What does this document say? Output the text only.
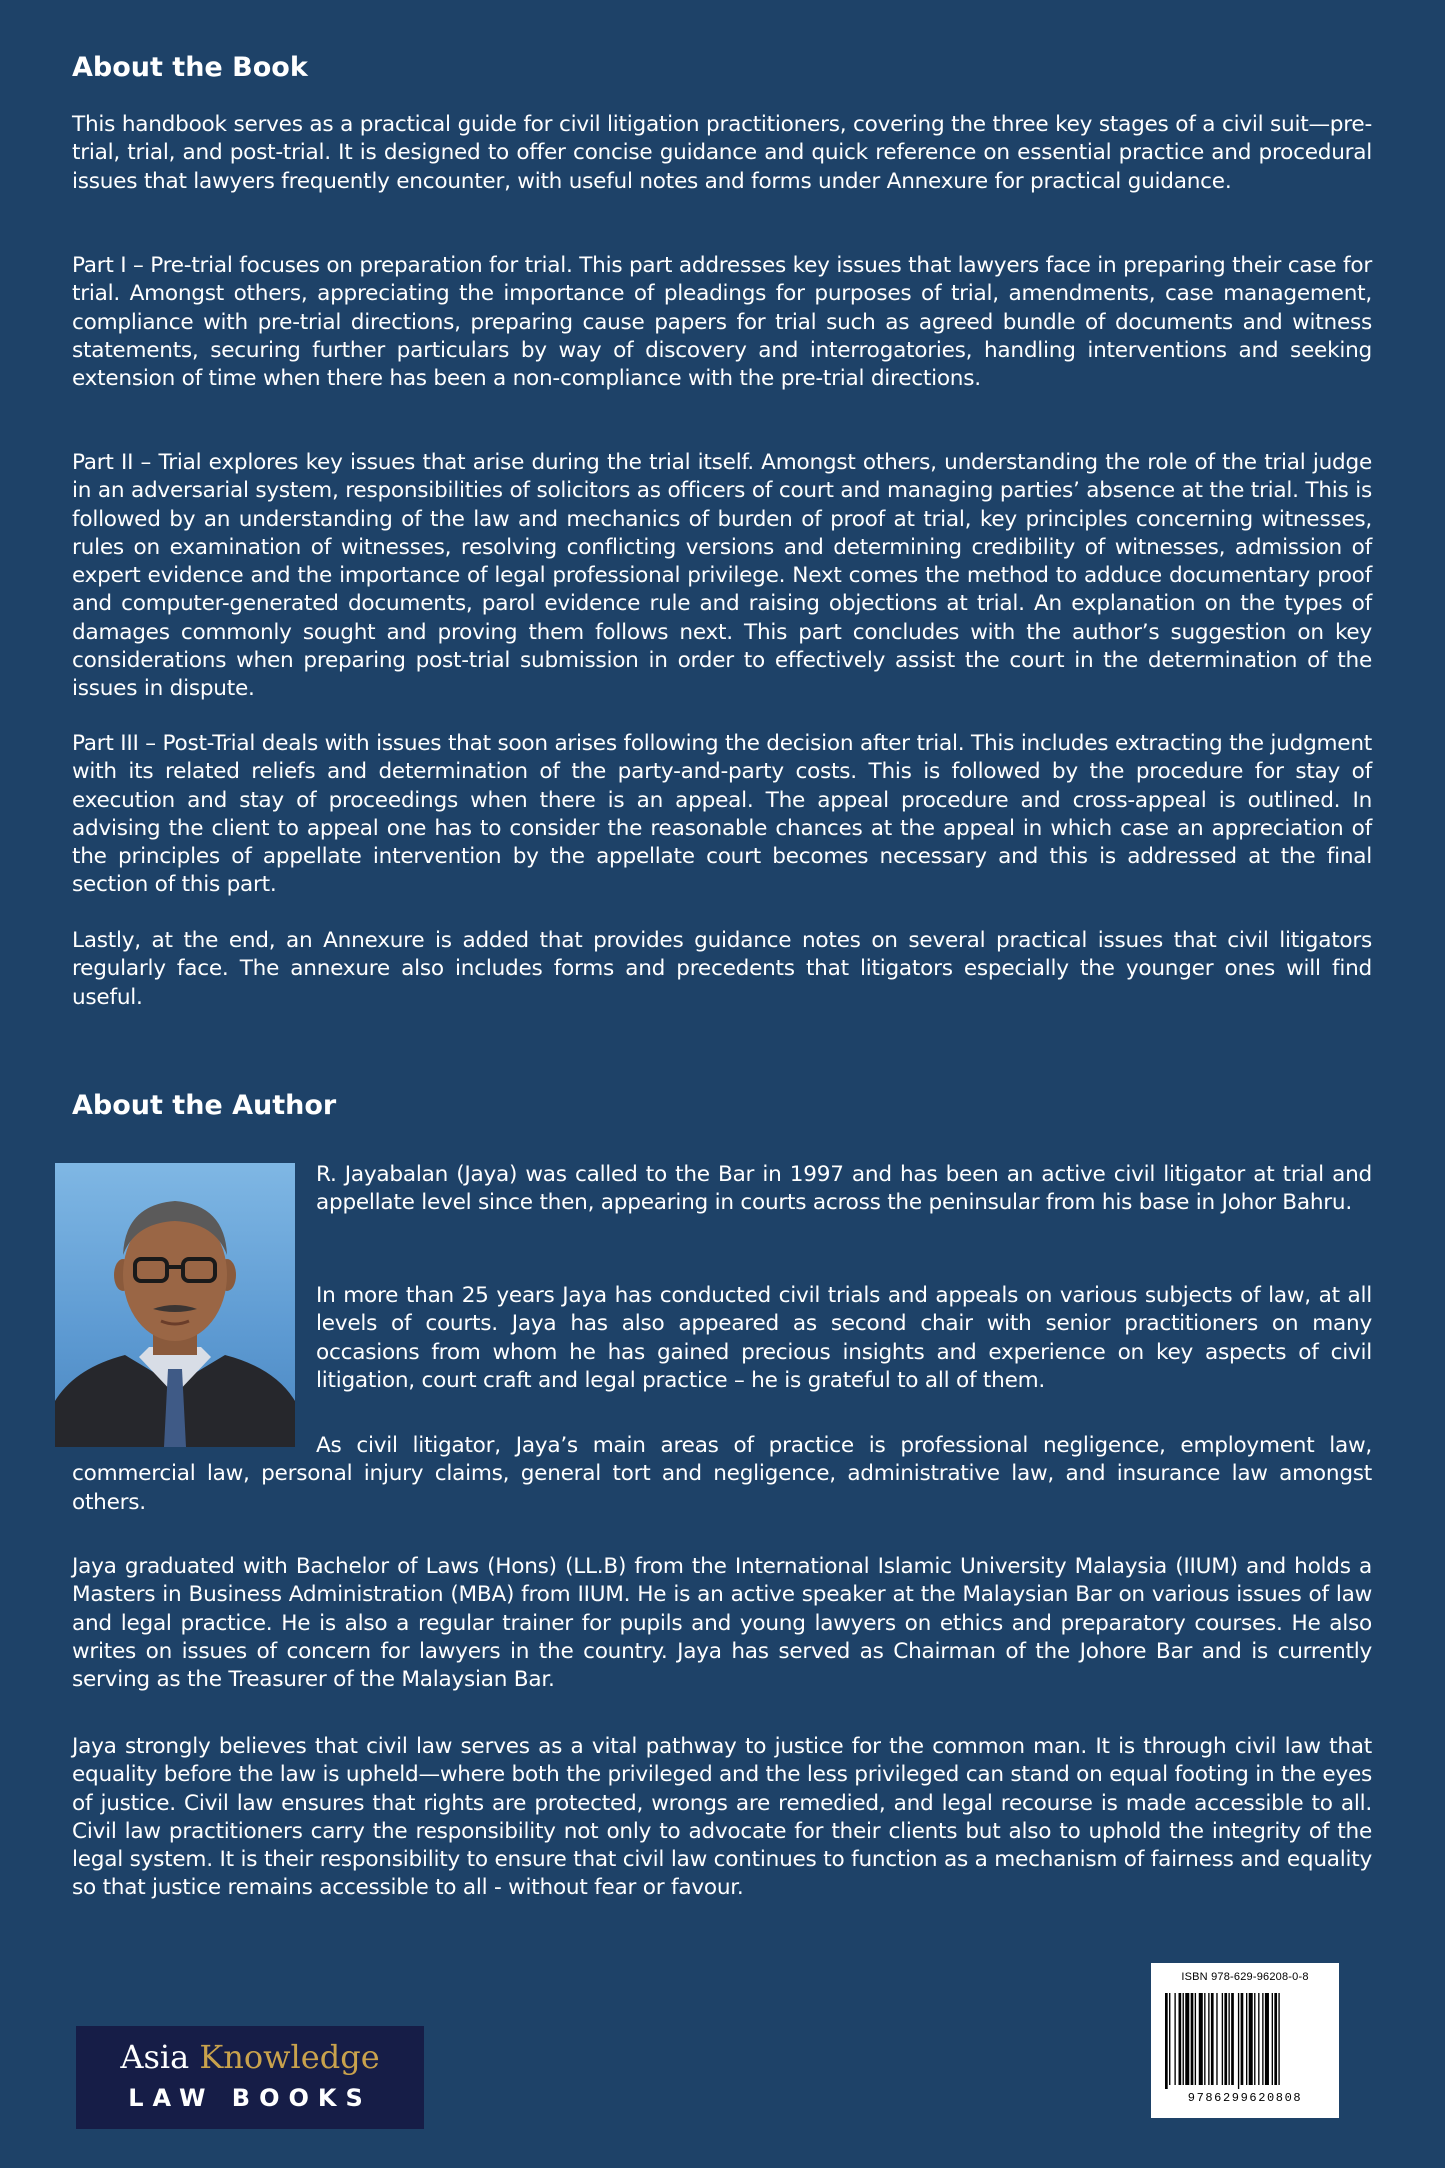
About the Book

This handbook serves as a practical guide for civil litigation practitioners, covering the three key stages of a civil suit—pre-trial, trial, and post-trial. It is designed to offer concise guidance and quick reference on essential practice and procedural issues that lawyers frequently encounter, with useful notes and forms under Annexure for practical guidance.

Part I – Pre-trial focuses on preparation for trial. This part addresses key issues that lawyers face in preparing their case for trial. Amongst others, appreciating the importance of pleadings for purposes of trial, amendments, case management, compliance with pre-trial directions, preparing cause papers for trial such as agreed bundle of documents and witness statements, securing further particulars by way of discovery and interrogatories, handling interventions and seeking extension of time when there has been a non-compliance with the pre-trial directions.

Part II – Trial explores key issues that arise during the trial itself. Amongst others, understanding the role of the trial judge in an adversarial system, responsibilities of solicitors as officers of court and managing parties’ absence at the trial. This is followed by an understanding of the law and mechanics of burden of proof at trial, key principles concerning witnesses, rules on examination of witnesses, resolving conflicting versions and determining credibility of witnesses, admission of expert evidence and the importance of legal professional privilege. Next comes the method to adduce documentary proof and computer-generated documents, parol evidence rule and raising objections at trial. An explanation on the types of damages commonly sought and proving them follows next. This part concludes with the author’s suggestion on key considerations when preparing post-trial submission in order to effectively assist the court in the determination of the issues in dispute.

Part III – Post-Trial deals with issues that soon arises following the decision after trial. This includes extracting the judgment with its related reliefs and determination of the party-and-party costs. This is followed by the procedure for stay of execution and stay of proceedings when there is an appeal. The appeal procedure and cross-appeal is outlined. In advising the client to appeal one has to consider the reasonable chances at the appeal in which case an appreciation of the principles of appellate intervention by the appellate court becomes necessary and this is addressed at the final section of this part.

Lastly, at the end, an Annexure is added that provides guidance notes on several practical issues that civil litigators regularly face. The annexure also includes forms and precedents that litigators especially the younger ones will find useful.

About the Author

R. Jayabalan (Jaya) was called to the Bar in 1997 and has been an active civil litigator at trial and appellate level since then, appearing in courts across the peninsular from his base in Johor Bahru.

In more than 25 years Jaya has conducted civil trials and appeals on various subjects of law, at all levels of courts. Jaya has also appeared as second chair with senior practitioners on many occasions from whom he has gained precious insights and experience on key aspects of civil litigation, court craft and legal practice – he is grateful to all of them.

As civil litigator, Jaya’s main areas of practice is professional negligence, employment law, commercial law, personal injury claims, general tort and negligence, administrative law, and insurance law amongst others.

Jaya graduated with Bachelor of Laws (Hons) (LL.B) from the International Islamic University Malaysia (IIUM) and holds a Masters in Business Administration (MBA) from IIUM. He is an active speaker at the Malaysian Bar on various issues of law and legal practice. He is also a regular trainer for pupils and young lawyers on ethics and preparatory courses. He also writes on issues of concern for lawyers in the country. Jaya has served as Chairman of the Johore Bar and is currently serving as the Treasurer of the Malaysian Bar.

Jaya strongly believes that civil law serves as a vital pathway to justice for the common man. It is through civil law that equality before the law is upheld—where both the privileged and the less privileged can stand on equal footing in the eyes of justice. Civil law ensures that rights are protected, wrongs are remedied, and legal recourse is made accessible to all. Civil law practitioners carry the responsibility not only to advocate for their clients but also to uphold the integrity of the legal system. It is their responsibility to ensure that civil law continues to function as a mechanism of fairness and equality so that justice remains accessible to all - without fear or favour.

Asia Knowledge
LAW BOOKS
ISBN 978-629-96208-0-8
9786299620808
